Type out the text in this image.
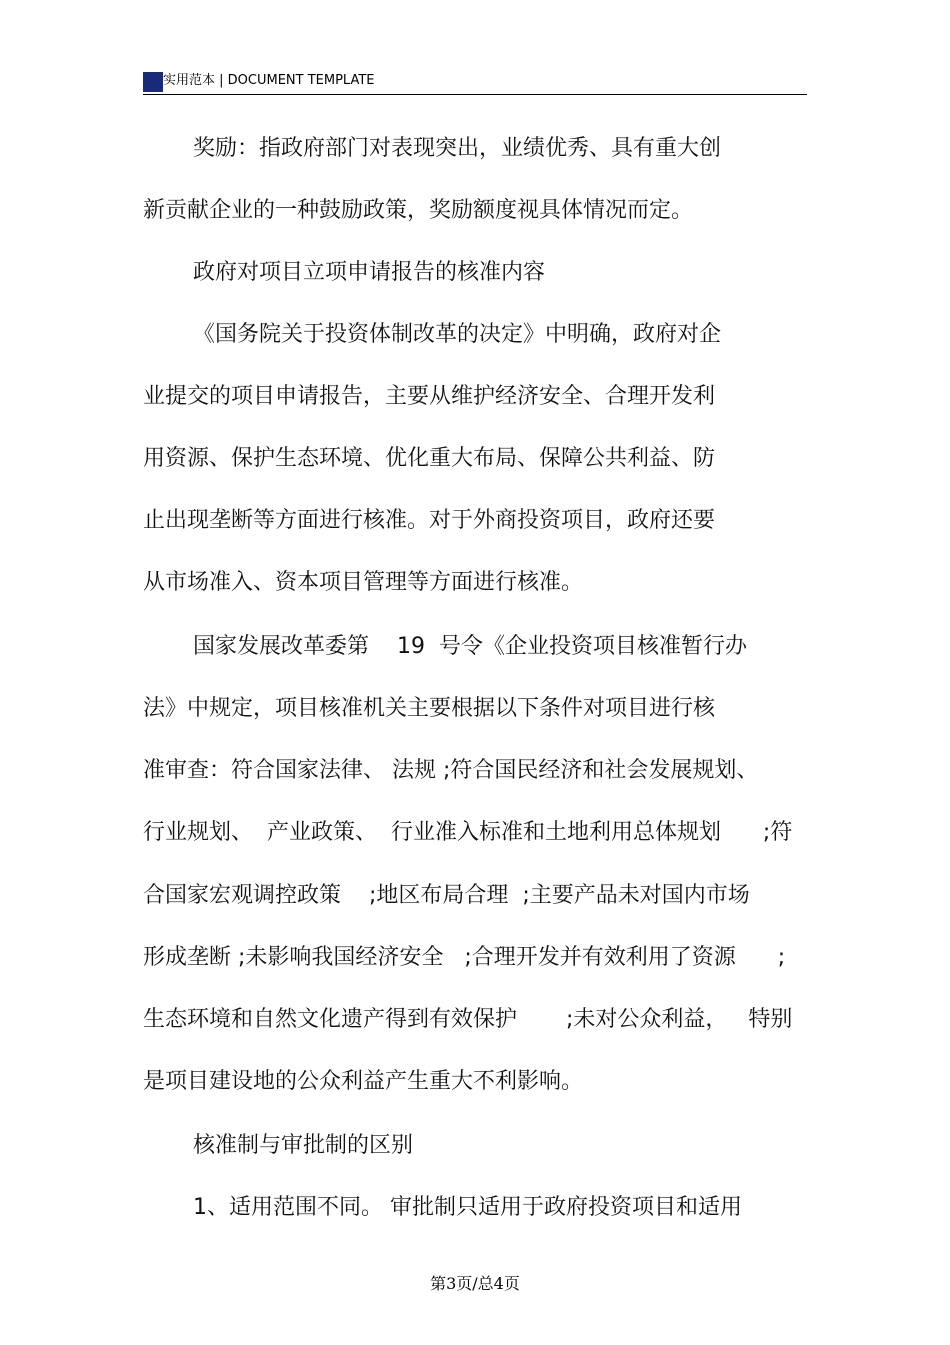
实用范本 | DOCUMENT TEMPLATE
奖励：指政府部门对表现突出，业绩优秀、具有重大创
新贡献企业的一种鼓励政策，奖励额度视具体情况而定。
政府对项目立项申请报告的核准内容
《国务院关于投资体制改革的决定》中明确，政府对企
业提交的项目申请报告，主要从维护经济安全、合理开发利
用资源、保护生态环境、优化重大布局、保障公共利益、防
止出现垄断等方面进行核准。对于外商投资项目，政府还要
从市场准入、资本项目管理等方面进行核准。
国家发展改革委第    19  号令《企业投资项目核准暂行办
法》中规定，项目核准机关主要根据以下条件对项目进行核
准审查：符合国家法律、 法规 ;符合国民经济和社会发展规划、
行业规划、  产业政策、  行业准入标准和土地利用总体规划      ;符
合国家宏观调控政策    ;地区布局合理  ;主要产品未对国内市场
形成垄断 ;未影响我国经济安全   ;合理开发并有效利用了资源      ;
生态环境和自然文化遗产得到有效保护       ;未对公众利益，   特别
是项目建设地的公众利益产生重大不利影响。
核准制与审批制的区别
1、适用范围不同。 审批制只适用于政府投资项目和适用
第3页/总4页
